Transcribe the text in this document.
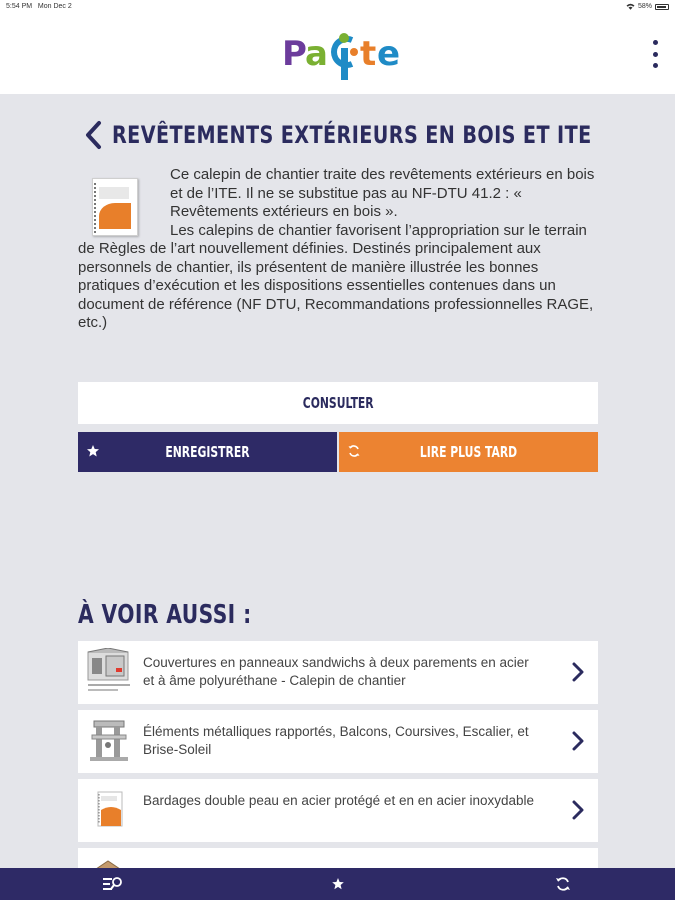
5:54 PM Mon Dec 2	58%
P a t e
REVÊTEMENTS EXTÉRIEURS EN BOIS ET ITE
Ce calepin de chantier traite des revêtements extérieurs en bois et de l’ITE. Il ne se substitue pas au NF-DTU 41.2 : « Revêtements extérieurs en bois ».
Les calepins de chantier favorisent l’appropriation sur le terrain de Règles de l’art nouvellement définies. Destinés principalement aux personnels de chantier, ils présentent de manière illustrée les bonnes pratiques d’exécution et les dispositions essentielles contenues dans un document de référence (NF DTU, Recommandations professionnelles RAGE, etc.)
CONSULTER
ENREGISTRER	LIRE PLUS TARD
À VOIR AUSSI :
Couvertures en panneaux sandwichs à deux parements en acier et à âme polyuréthane - Calepin de chantier
Éléments métalliques rapportés, Balcons, Coursives, Escalier, et Brise-Soleil
Bardages double peau en acier protégé et en en acier inoxydable
